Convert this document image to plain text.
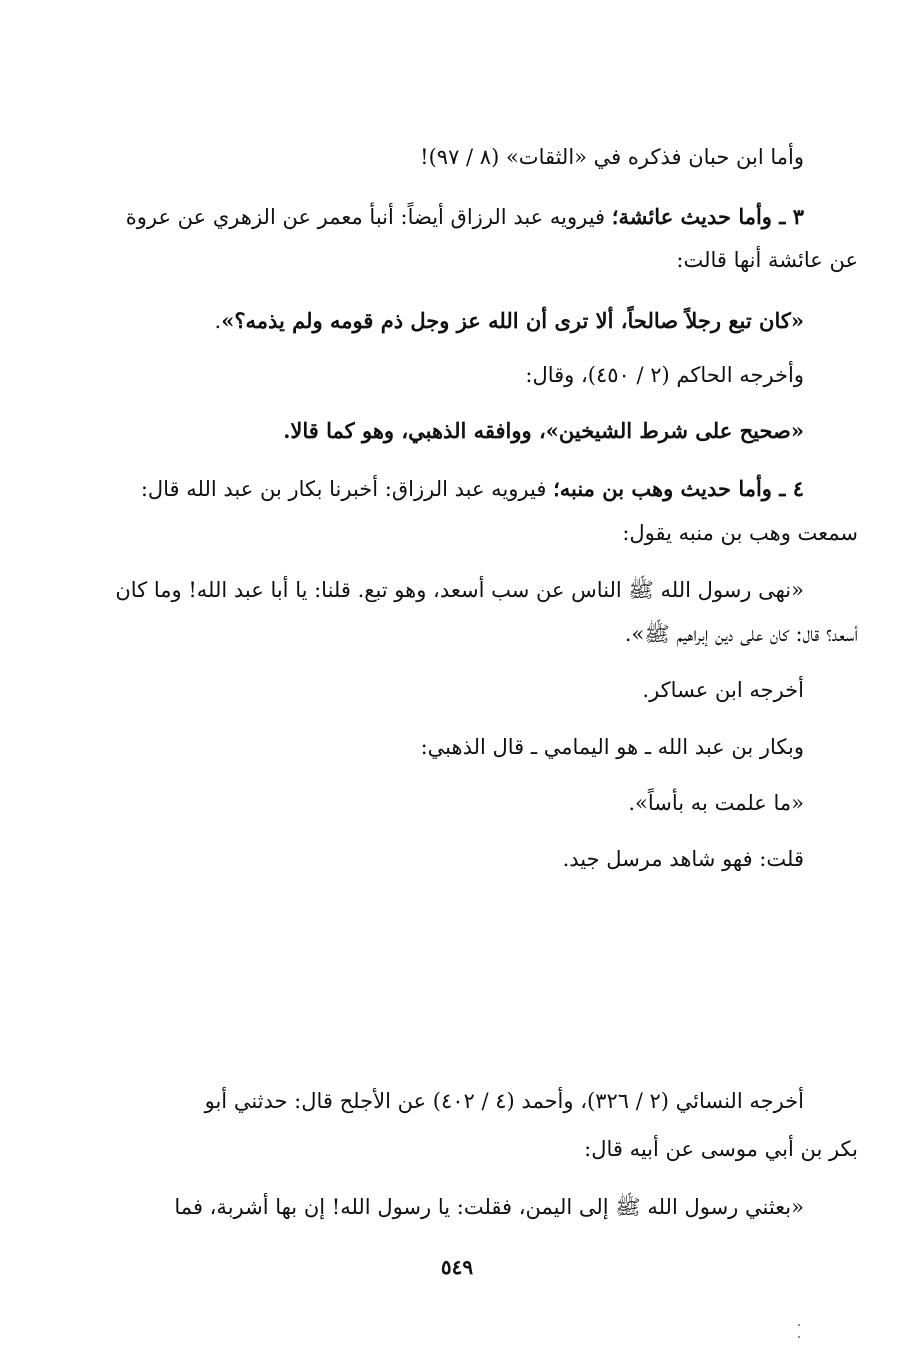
وأما ابن حبان فذكره في «الثقات» (٨ / ٩٧)!
٣ ـ وأما حديث عائشة؛ فيرويه عبد الرزاق أيضاً: أنبأ معمر عن الزهري عن عروة
عن عائشة أنها قالت:
«كان تبع رجلاً صالحاً، ألا ترى أن الله عز وجل ذم قومه ولم يذمه؟».
وأخرجه الحاكم (٢ / ٤٥٠)، وقال:
«صحيح على شرط الشيخين»، ووافقه الذهبي، وهو كما قالا.
٤ ـ وأما حديث وهب بن منبه؛ فيرويه عبد الرزاق: أخبرنا بكار بن عبد الله قال:
سمعت وهب بن منبه يقول:
«نهى رسول الله ﷺ الناس عن سب أسعد، وهو تبع. قلنا: يا أبا عبد الله! وما كان
أسعد؟ قال: كان على دين إبراهيم ﷺ».
أخرجه ابن عساكر.
وبكار بن عبد الله ـ هو اليمامي ـ قال الذهبي:
«ما علمت به بأساً».
قلت: فهو شاهد مرسل جيد.
أخرجه النسائي (٢ / ٣٢٦)، وأحمد (٤ / ٤٠٢) عن الأجلح قال: حدثني أبو
بكر بن أبي موسى عن أبيه قال:
«بعثني رسول الله ﷺ إلى اليمن، فقلت: يا رسول الله! إن بها أشربة، فما
٥٤٩
